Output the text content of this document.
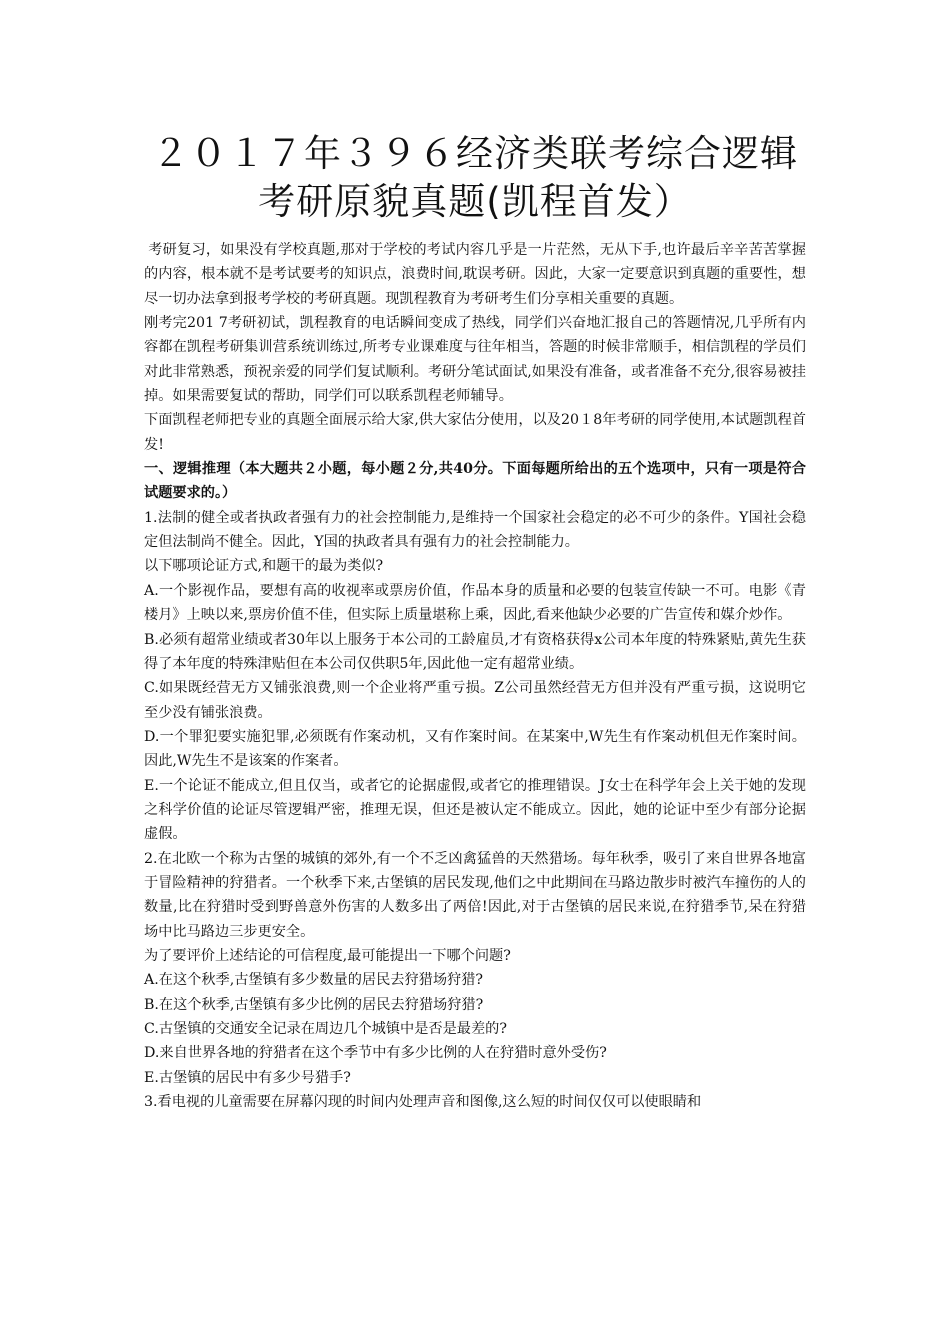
２０１７年３９６经济类联考综合逻辑
考研原貌真题(凯程首发）

考研复习，如果没有学校真题,那对于学校的考试内容几乎是一片茫然，无从下手,也许最后辛辛苦苦掌握的内容，根本就不是考试要考的知识点，浪费时间,耽误考研。因此，大家一定要意识到真题的重要性，想尽一切办法拿到报考学校的考研真题。现凯程教育为考研考生们分享相关重要的真题。

刚考完201 7考研初试，凯程教育的电话瞬间变成了热线，同学们兴奋地汇报自己的答题情况,几乎所有内容都在凯程考研集训营系统训练过,所考专业课难度与往年相当，答题的时候非常顺手，相信凯程的学员们对此非常熟悉，预祝亲爱的同学们复试顺利。考研分笔试面试,如果没有准备，或者准备不充分,很容易被挂掉。如果需要复试的帮助，同学们可以联系凯程老师辅导。

下面凯程老师把专业的真题全面展示给大家,供大家估分使用，以及20１8年考研的同学使用,本试题凯程首发!

一、逻辑推理（本大题共２小题，每小题２分,共40分。下面每题所给出的五个选项中，只有一项是符合试题要求的。）

1.法制的健全或者执政者强有力的社会控制能力,是维持一个国家社会稳定的必不可少的条件。Y国社会稳定但法制尚不健全。因此，Y国的执政者具有强有力的社会控制能力。

以下哪项论证方式,和题干的最为类似?

A.一个影视作品，要想有高的收视率或票房价值，作品本身的质量和必要的包装宣传缺一不可。电影《青楼月》上映以来,票房价值不佳，但实际上质量堪称上乘，因此,看来他缺少必要的广告宣传和媒介炒作。

B.必须有超常业绩或者30年以上服务于本公司的工龄雇员,才有资格获得x公司本年度的特殊紧贴,黄先生获得了本年度的特殊津贴但在本公司仅供职5年,因此他一定有超常业绩。

C.如果既经营无方又铺张浪费,则一个企业将严重亏损。Z公司虽然经营无方但并没有严重亏损，这说明它至少没有铺张浪费。

D.一个罪犯要实施犯罪,必须既有作案动机，又有作案时间。在某案中,W先生有作案动机但无作案时间。因此,W先生不是该案的作案者。

E.一个论证不能成立,但且仅当，或者它的论据虚假,或者它的推理错误。J女士在科学年会上关于她的发现之科学价值的论证尽管逻辑严密，推理无误，但还是被认定不能成立。因此，她的论证中至少有部分论据虚假。

2.在北欧一个称为古堡的城镇的郊外,有一个不乏凶禽猛兽的天然猎场。每年秋季，吸引了来自世界各地富于冒险精神的狩猎者。一个秋季下来,古堡镇的居民发现,他们之中此期间在马路边散步时被汽车撞伤的人的数量,比在狩猎时受到野兽意外伤害的人数多出了两倍!因此,对于古堡镇的居民来说,在狩猎季节,呆在狩猎场中比马路边三步更安全。

为了要评价上述结论的可信程度,最可能提出一下哪个问题?

A.在这个秋季,古堡镇有多少数量的居民去狩猎场狩猎?

B.在这个秋季,古堡镇有多少比例的居民去狩猎场狩猎?

C.古堡镇的交通安全记录在周边几个城镇中是否是最差的?

D.来自世界各地的狩猎者在这个季节中有多少比例的人在狩猎时意外受伤?

E.古堡镇的居民中有多少号猎手?

3.看电视的儿童需要在屏幕闪现的时间内处理声音和图像,这么短的时间仅仅可以使眼睛和
